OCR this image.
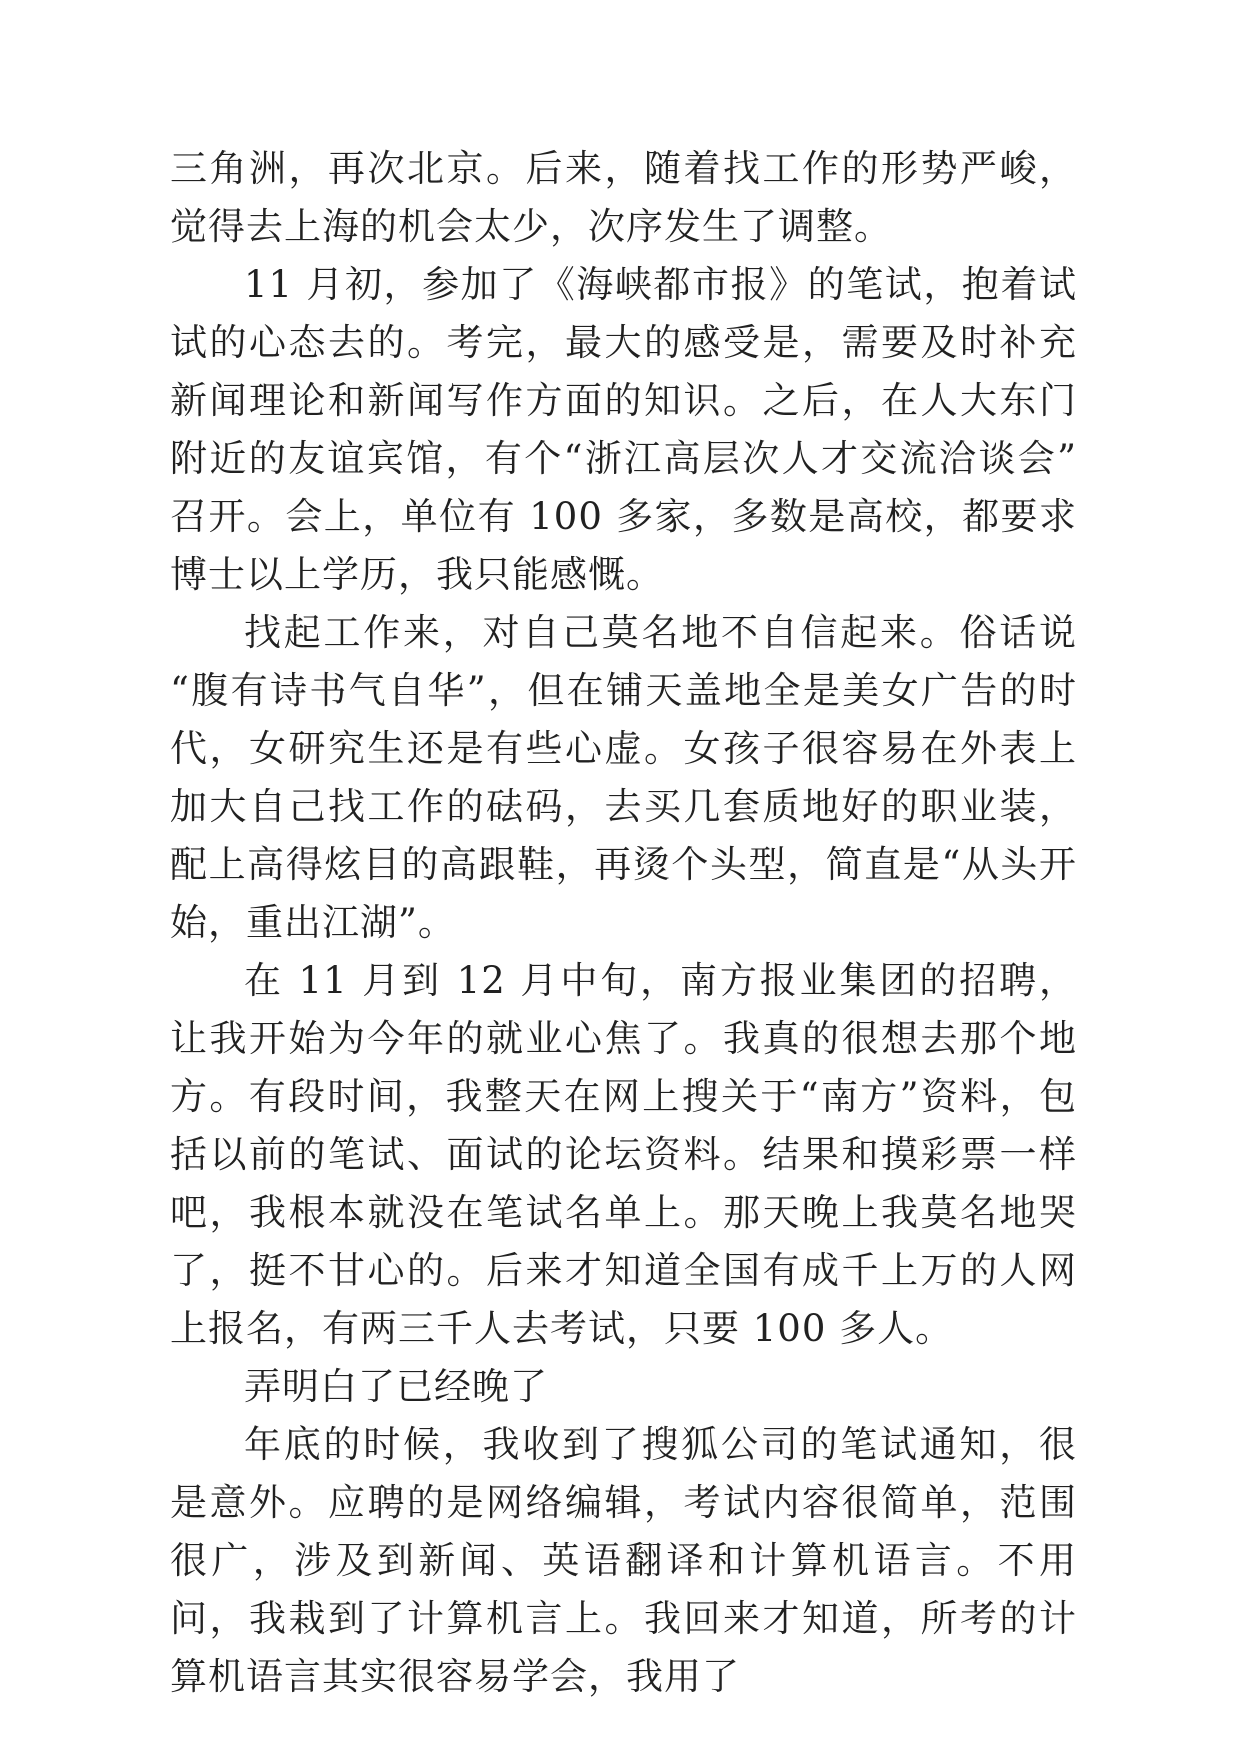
三角洲，再次北京。后来，随着找工作的形势严峻，觉得去上海的机会太少，次序发生了调整。

11 月初，参加了《海峡都市报》的笔试，抱着试试的心态去的。考完，最大的感受是，需要及时补充新闻理论和新闻写作方面的知识。之后，在人大东门附近的友谊宾馆，有个“浙江高层次人才交流洽谈会”召开。会上，单位有 100 多家，多数是高校，都要求博士以上学历，我只能感慨。

找起工作来，对自己莫名地不自信起来。俗话说“腹有诗书气自华”，但在铺天盖地全是美女广告的时代，女研究生还是有些心虚。女孩子很容易在外表上加大自己找工作的砝码，去买几套质地好的职业装，配上高得炫目的高跟鞋，再烫个头型，简直是“从头开始，重出江湖”。

在 11 月到 12 月中旬，南方报业集团的招聘，让我开始为今年的就业心焦了。我真的很想去那个地方。有段时间，我整天在网上搜关于“南方”资料，包括以前的笔试、面试的论坛资料。结果和摸彩票一样吧，我根本就没在笔试名单上。那天晚上我莫名地哭了，挺不甘心的。后来才知道全国有成千上万的人网上报名，有两三千人去考试，只要 100 多人。

弄明白了已经晚了

年底的时候，我收到了搜狐公司的笔试通知，很是意外。应聘的是网络编辑，考试内容很简单，范围很广，涉及到新闻、英语翻译和计算机语言。不用问，我栽到了计算机言上。我回来才知道，所考的计算机语言其实很容易学会，我用了
